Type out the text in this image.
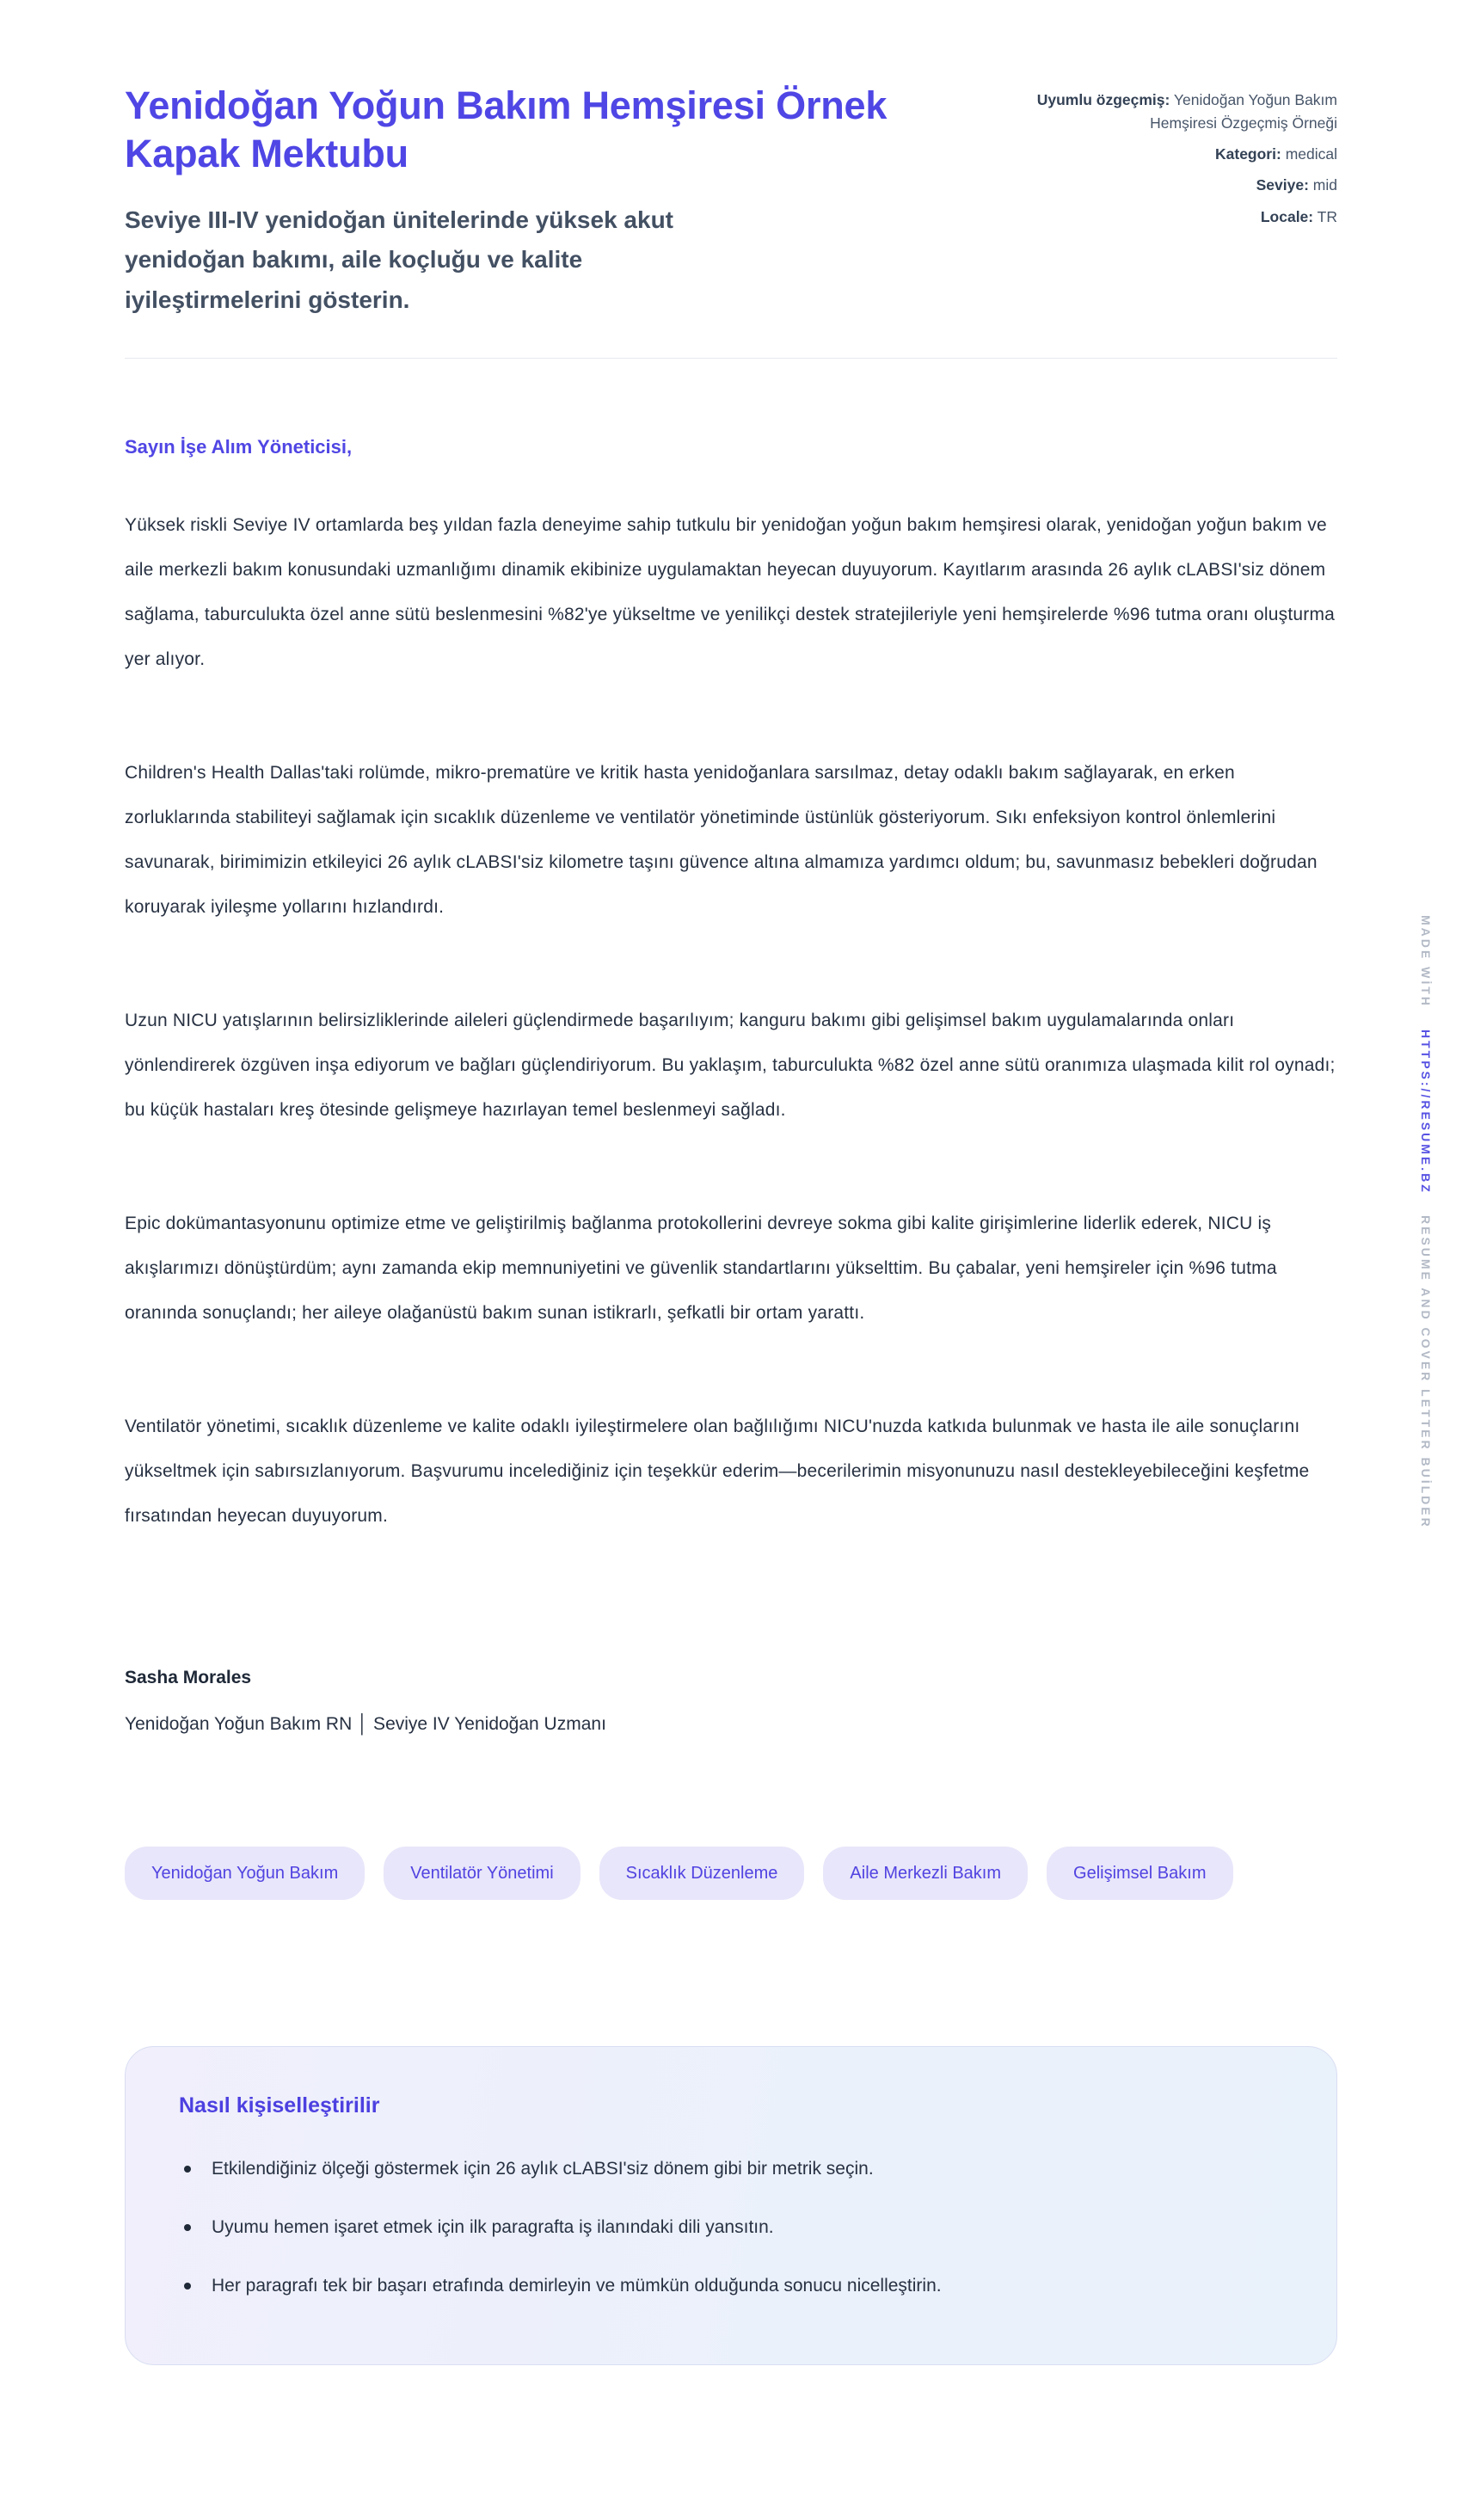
Yenidoğan Yoğun Bakım Hemşiresi Örnek Kapak Mektubu

Seviye III-IV yenidoğan ünitelerinde yüksek akut yenidoğan bakımı, aile koçluğu ve kalite iyileştirmelerini gösterin.

Uyumlu özgeçmiş: Yenidoğan Yoğun Bakım Hemşiresi Özgeçmiş Örneği
Kategori: medical
Seviye: mid
Locale: TR

Sayın İşe Alım Yöneticisi,

Yüksek riskli Seviye IV ortamlarda beş yıldan fazla deneyime sahip tutkulu bir yenidoğan yoğun bakım hemşiresi olarak, yenidoğan yoğun bakım ve aile merkezli bakım konusundaki uzmanlığımı dinamik ekibinize uygulamaktan heyecan duyuyorum. Kayıtlarım arasında 26 aylık cLABSI'siz dönem sağlama, taburculukta özel anne sütü beslenmesini %82'ye yükseltme ve yenilikçi destek stratejileriyle yeni hemşirelerde %96 tutma oranı oluşturma yer alıyor.

Children's Health Dallas'taki rolümde, mikro-prematüre ve kritik hasta yenidoğanlara sarsılmaz, detay odaklı bakım sağlayarak, en erken zorluklarında stabiliteyi sağlamak için sıcaklık düzenleme ve ventilatör yönetiminde üstünlük gösteriyorum. Sıkı enfeksiyon kontrol önlemlerini savunarak, birimimizin etkileyici 26 aylık cLABSI'siz kilometre taşını güvence altına almamıza yardımcı oldum; bu, savunmasız bebekleri doğrudan koruyarak iyileşme yollarını hızlandırdı.

Uzun NICU yatışlarının belirsizliklerinde aileleri güçlendirmede başarılıyım; kanguru bakımı gibi gelişimsel bakım uygulamalarında onları yönlendirerek özgüven inşa ediyorum ve bağları güçlendiriyorum. Bu yaklaşım, taburculukta %82 özel anne sütü oranımıza ulaşmada kilit rol oynadı; bu küçük hastaları kreş ötesinde gelişmeye hazırlayan temel beslenmeyi sağladı.

Epic dokümantasyonunu optimize etme ve geliştirilmiş bağlanma protokollerini devreye sokma gibi kalite girişimlerine liderlik ederek, NICU iş akışlarımızı dönüştürdüm; aynı zamanda ekip memnuniyetini ve güvenlik standartlarını yükselttim. Bu çabalar, yeni hemşireler için %96 tutma oranında sonuçlandı; her aileye olağanüstü bakım sunan istikrarlı, şefkatli bir ortam yarattı.

Ventilatör yönetimi, sıcaklık düzenleme ve kalite odaklı iyileştirmelere olan bağlılığımı NICU'nuzda katkıda bulunmak ve hasta ile aile sonuçlarını yükseltmek için sabırsızlanıyorum. Başvurumu incelediğiniz için teşekkür ederim—becerilerimin misyonunuzu nasıl destekleyebileceğini keşfetme fırsatından heyecan duyuyorum.

Sasha Morales

Yenidoğan Yoğun Bakım RN │ Seviye IV Yenidoğan Uzmanı

Yenidoğan Yoğun Bakım	Ventilatör Yönetimi	Sıcaklık Düzenleme	Aile Merkezli Bakım	Gelişimsel Bakım
Nasıl kişiselleştirilir
Etkilendiğiniz ölçeği göstermek için 26 aylık cLABSI'siz dönem gibi bir metrik seçin.
Uyumu hemen işaret etmek için ilk paragrafta iş ilanındaki dili yansıtın.
Her paragrafı tek bir başarı etrafında demirleyin ve mümkün olduğunda sonucu nicelleştirin.
MADE WİTH HTTPS://RESUME.BZ RESUME AND COVER LETTER BUİLDER
